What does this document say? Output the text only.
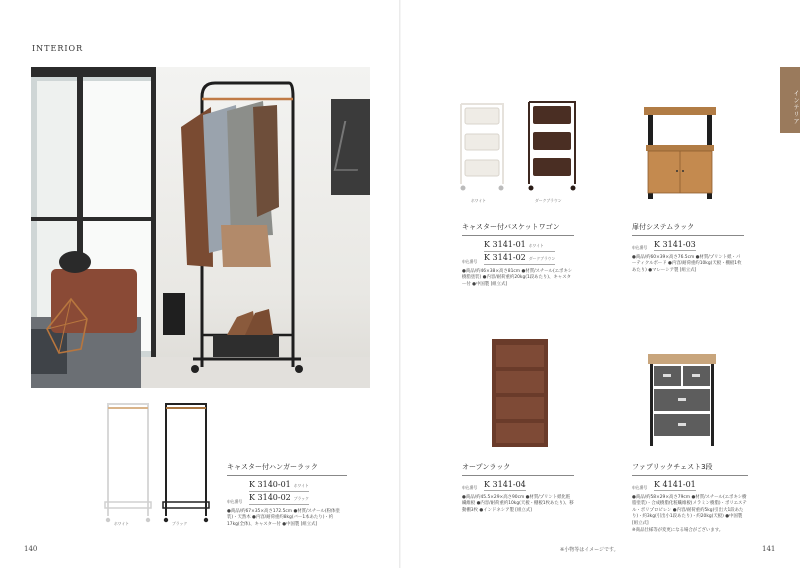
INTERIOR
インテリア
ホワイト	ブラック
キャスター付ハンガーラック
申込番号
K 3140-01 ホワイト
K 3140-02 ブラック
●商品/約67×35×高さ172.5cm ●材質/スチール(粉体塗装)・天然木 ●内容/耐荷重約8kg(バー1本あたり)・約17kg(全体)、キャスター付 ●中国製 [組立式]
ホワイト	ダークブラウン
キャスター付バスケットワゴン
申込番号
K 3141-01 ホワイト
K 3141-02 ダークブラウン
●商品/約46×38×高さ81cm ●材質/スチール(エポキシ樹脂塗装) ●内容/耐荷重約20kg(1段あたり)、キャスター付 ●中国製 [組立式]
扉付システムラック
申込番号 K 3141-03
●商品/約60×39×高さ76.5cm ●材質/プリント紙・パーティクルボード ●内容/耐荷重約10kg(天板・棚板1枚あたり) ●マレーシア製 [組立式]
オープンラック
申込番号 K 3141-04
●商品/約45.5×29×高さ90cm ●材質/プリント紙化粧繊維板 ●内容/耐荷重約10kg(天板・棚板1枚あたり)、移動棚3枚 ●インドネシア製 [組立式]
ファブリックチェスト3段
申込番号 K 4141-01
●商品/約58×29×高さ79cm ●材質/スチール(エポキシ樹脂塗装)・合成樹脂化粧繊維板(メラミン樹脂)・ポリエステル・ポリプロピレン ●内容/耐荷重約5kg(引出大1段あたり)・約3kg(引出小1段あたり)・約20kg(天板) ●中国製 [組立式]
※商品仕様等が変更になる場合がございます。
※小物等はイメージです。
140	141
